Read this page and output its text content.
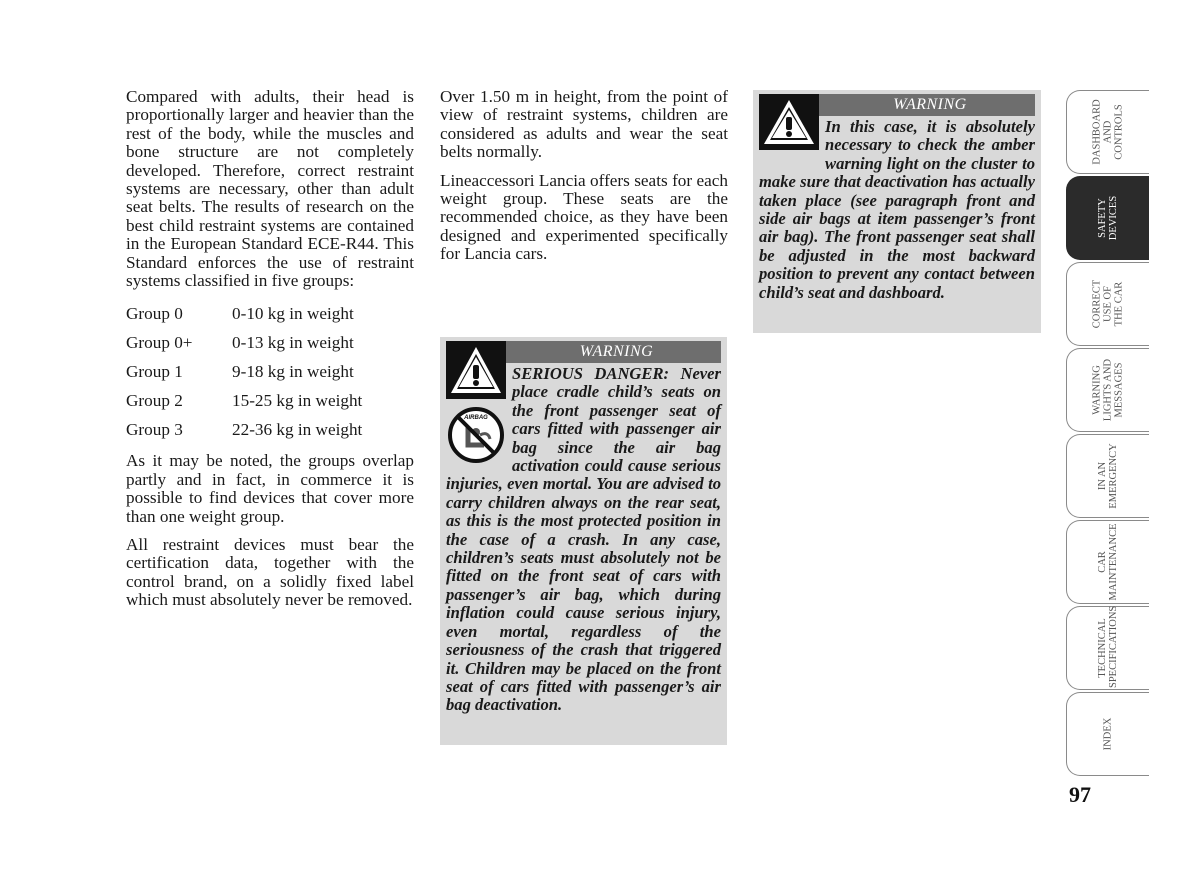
Compared with adults, their head is proportionally larger and heavier than the rest of the body, while the muscles and bone structure are not completely developed. Therefore, correct restraint systems are necessary, other than adult seat belts. The results of research on the best child restraint systems are contained in the European Standard ECE-R44. This Standard enforces the use of restraint systems classified in five groups:

Group 0	0-10 kg in weight
Group 0+	0-13 kg in weight
Group 1	9-18 kg in weight
Group 2	15-25 kg in weight
Group 3	22-36 kg in weight

As it may be noted, the groups overlap partly and in fact, in commerce it is possible to find devices that cover more than one weight group.

All restraint devices must bear the certification data, together with the control brand, on a solidly fixed label which must absolutely never be removed.

Over 1.50 m in height, from the point of view of restraint systems, children are considered as adults and wear the seat belts normally.

Lineaccessori Lancia offers seats for each weight group. These seats are the recommended choice, as they have been designed and experimented specifically for Lancia cars.

AIRBAG
WARNING

SERIOUS DANGER: Never place cradle child’s seats on the front passenger seat of cars fitted with passenger air bag since the air bag activation could cause serious injuries, even mortal. You are advised to carry children always on the rear seat, as this is the most protected position in the case of a crash. In any case, children’s seats must absolutely not be fitted on the front seat of cars with passenger’s air bag, which during inflation could cause serious injury, even mortal, regardless of the seriousness of the crash that triggered it. Children may be placed on the front seat of cars fitted with passenger’s air bag deactivation.

WARNING

In this case, it is absolutely necessary to check the amber warning light on the cluster to make sure that deactivation has actually taken place (see paragraph front and side air bags at item passenger’s front air bag). The front passenger seat shall be adjusted in the most backward position to prevent any contact between child’s seat and dashboard.

DASHBOARD
AND CONTROLS
SAFETY
DEVICES
CORRECT
USE OF
THE CAR
WARNING
LIGHTS AND
MESSAGES
IN AN
EMERGENCY
CAR
MAINTENANCE
TECHNICAL
SPECIFICATIONS
INDEX
97
